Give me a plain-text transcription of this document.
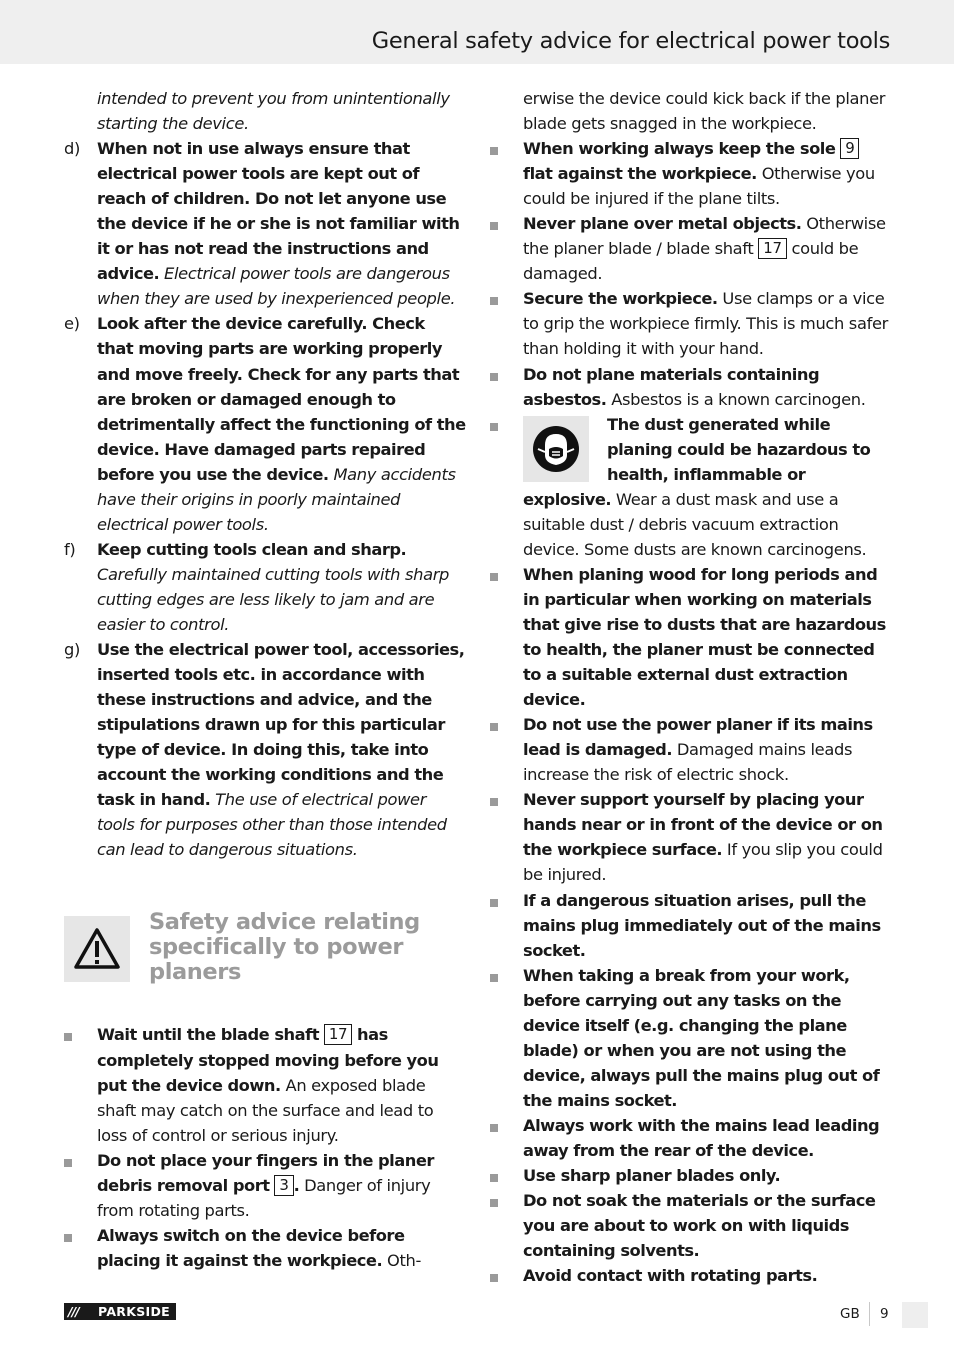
General safety advice for electrical power tools
intended to prevent you from unintentionally starting the device.
d) When not in use always ensure that electrical power tools are kept out of reach of children. Do not let anyone use the device if he or she is not familiar with it or has not read the instructions and advice. Electrical power tools are dangerous when they are used by inexperienced people.
e) Look after the device carefully. Check that moving parts are working properly and move freely. Check for any parts that are broken or damaged enough to detrimentally affect the functioning of the device. Have damaged parts repaired before you use the device. Many accidents have their origins in poorly maintained electrical power tools.
f) Keep cutting tools clean and sharp. Carefully maintained cutting tools with sharp cutting edges are less likely to jam and are easier to control.
g) Use the electrical power tool, accessories, inserted tools etc. in accordance with these instructions and advice, and the stipulations drawn up for this particular type of device. In doing this, take into account the working conditions and the task in hand. The use of electrical power tools for purposes other than those intended can lead to dangerous situations.
Safety advice relating specifically to power planers
Wait until the blade shaft 17 has completely stopped moving before you put the device down. An exposed blade shaft may catch on the surface and lead to loss of control or serious injury.
Do not place your fingers in the planer debris removal port 3 . Danger of injury from rotating parts.
Always switch on the device before placing it against the workpiece. Oth-
erwise the device could kick back if the planer blade gets snagged in the workpiece.
When working always keep the sole 9 flat against the workpiece. Otherwise you could be injured if the plane tilts.
Never plane over metal objects. Otherwise the planer blade / blade shaft 17 could be damaged.
Secure the workpiece. Use clamps or a vice to grip the workpiece firmly. This is much safer than holding it with your hand.
Do not plane materials containing asbestos. Asbestos is a known carcinogen.
The dust generated while planing could be hazardous to health, inflammable or explosive. Wear a dust mask and use a suitable dust / debris vacuum extraction device. Some dusts are known carcinogens.
When planing wood for long periods and in particular when working on materials that give rise to dusts that are hazardous to health, the planer must be connected to a suitable external dust extraction device.
Do not use the power planer if its mains lead is damaged. Damaged mains leads increase the risk of electric shock.
Never support yourself by placing your hands near or in front of the device or on the workpiece surface. If you slip you could be injured.
If a dangerous situation arises, pull the mains plug immediately out of the mains socket.
When taking a break from your work, before carrying out any tasks on the device itself (e.g. changing the plane blade) or when you are not using the device, always pull the mains plug out of the mains socket.
Always work with the mains lead leading away from the rear of the device.
Use sharp planer blades only.
Do not soak the materials or the surface you are about to work on with liquids containing solvents.
Avoid contact with rotating parts.
/// PARKSIDE	GB 9
